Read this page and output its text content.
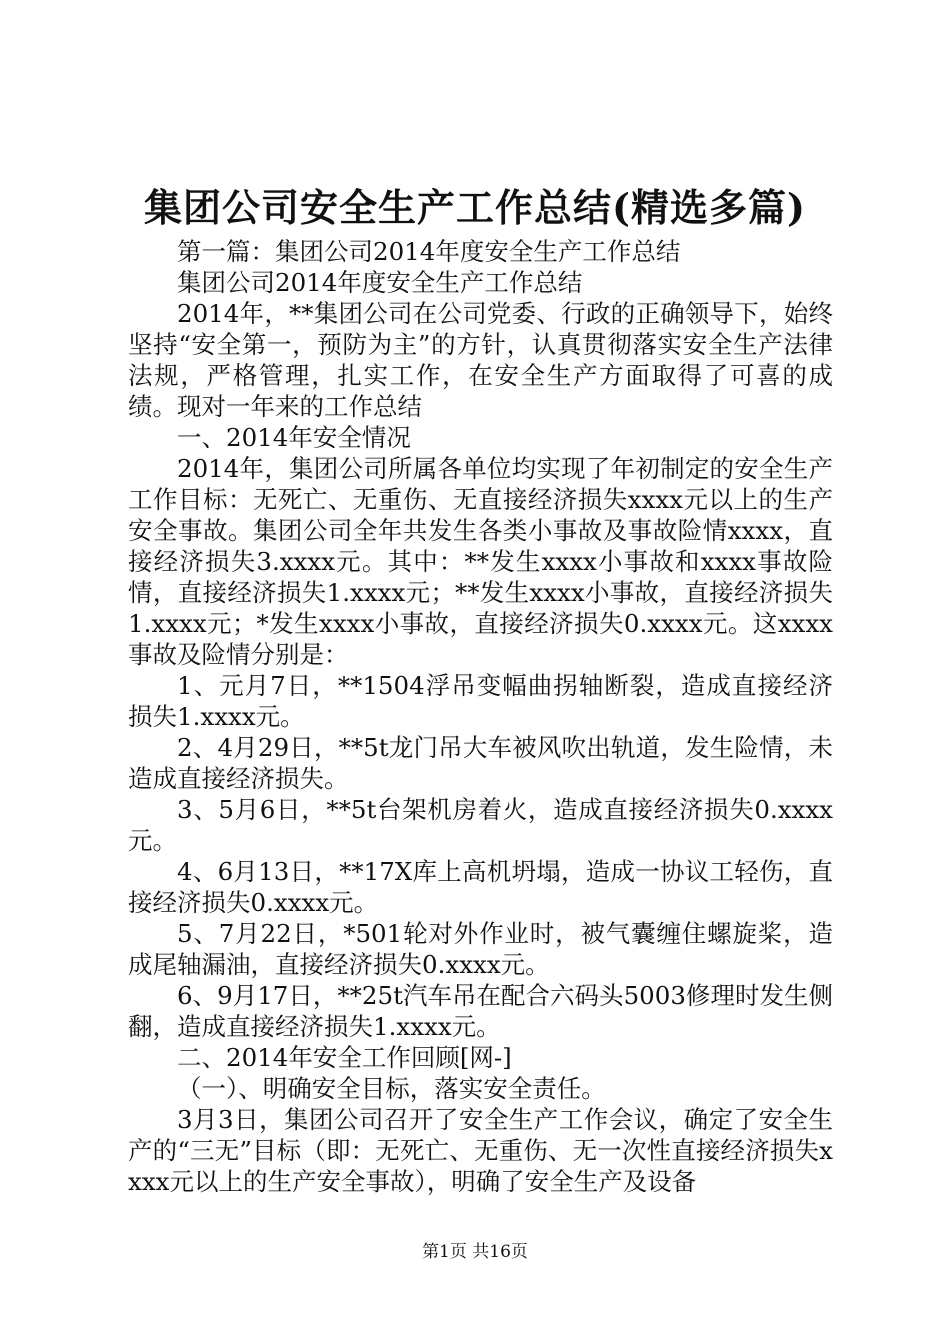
集团公司安全生产工作总结(精选多篇)

第一篇：集团公司2014年度安全生产工作总结

集团公司2014年度安全生产工作总结

2014年，**集团公司在公司党委、行政的正确领导下，始终坚持“安全第一，预防为主”的方针，认真贯彻落实安全生产法律法规，严格管理，扎实工作，在安全生产方面取得了可喜的成绩。现对一年来的工作总结

一、2014年安全情况

2014年，集团公司所属各单位均实现了年初制定的安全生产工作目标：无死亡、无重伤、无直接经济损失xxxx元以上的生产安全事故。集团公司全年共发生各类小事故及事故险情xxxx，直接经济损失3.xxxx元。其中：**发生xxxx小事故和xxxx事故险情，直接经济损失1.xxxx元；**发生xxxx小事故，直接经济损失1.xxxx元；*发生xxxx小事故，直接经济损失0.xxxx元。这xxxx事故及险情分别是：

1、元月7日，**1504浮吊变幅曲拐轴断裂，造成直接经济损失1.xxxx元。

2、4月29日，**5t龙门吊大车被风吹出轨道，发生险情，未造成直接经济损失。

3、5月6日，**5t台架机房着火，造成直接经济损失0.xxxx元。

4、6月13日，**17X库上高机坍塌，造成一协议工轻伤，直接经济损失0.xxxx元。

5、7月22日，*501轮对外作业时，被气囊缠住螺旋桨，造成尾轴漏油，直接经济损失0.xxxx元。

6、9月17日，**25t汽车吊在配合六码头5003修理时发生侧翻，造成直接经济损失1.xxxx元。

二、2014年安全工作回顾[网-]

（一）、明确安全目标，落实安全责任。

3月3日，集团公司召开了安全生产工作会议，确定了安全生产的“三无”目标（即：无死亡、无重伤、无一次性直接经济损失xxxx元以上的生产安全事故），明确了安全生产及设备

第1页 共16页
